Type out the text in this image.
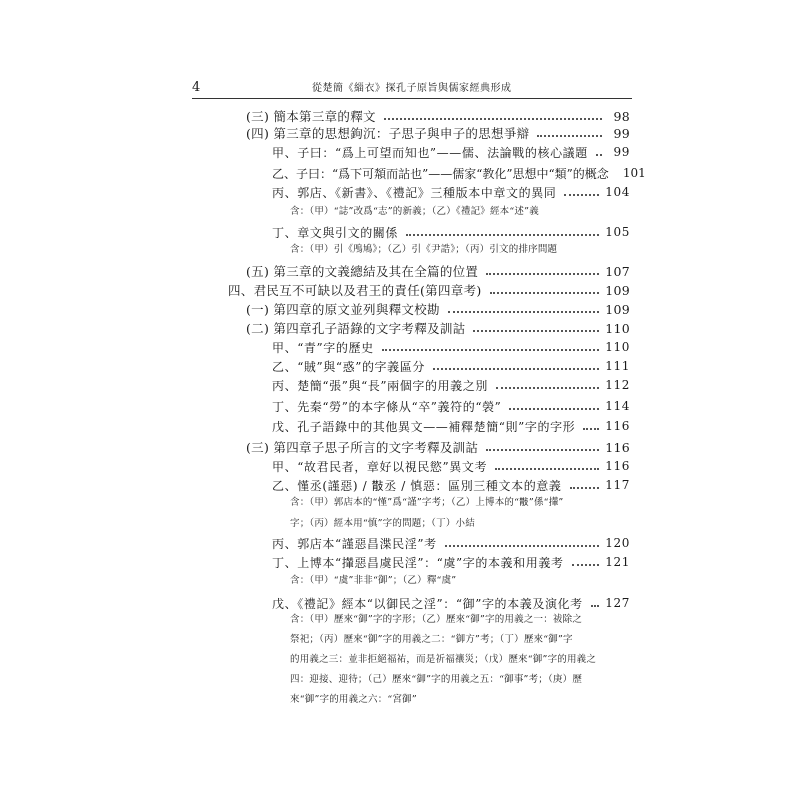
4	從楚簡《緇衣》探孔子原旨與儒家經典形成
(三) 簡本第三章的釋文	98
(四) 第三章的思想鉤沉：子思子與申子的思想爭辯	99
甲、子曰：“爲上可望而知也”——儒、法論戰的核心議題	99
乙、子曰：“爲下可頮而詀也”——儒家“教化”思想中“類”的概念 101
丙、郭店、《新書》、《禮記》三種版本中章文的異同	104
含：（甲）“誌”改爲“志”的新義；（乙）《禮記》經本“述”義
丁、章文與引文的關係	105
含：（甲）引《鳲鳩》；（乙）引《尹誥》；（丙）引文的排序問題
(五) 第三章的文義總結及其在全篇的位置	107
四、君民互不可缺以及君王的責任(第四章考)	109
(一) 第四章的原文並列與釋文校勘	109
(二) 第四章孔子語錄的文字考釋及訓詁	110
甲、“青”字的歷史	110
乙、“賊”與“惑”的字義區分	111
丙、楚簡“張”與“長”兩個字的用義之別	112
丁、先秦“勞”的本字條从“卒”義符的“褮”	114
戊、孔子語錄中的其他異文——補釋楚簡“則”字的字形	116
(三) 第四章子思子所言的文字考釋及訓詁	116
甲、“故君民者，章好以視民慾”異文考	116
乙、慬丞(謹惡) / 𢿨丞 / 慎惡：區別三種文本的意義	117
含：（甲）郭店本的“慬”爲“謹”字考；（乙）上博本的“𢿨”係“攆”
字；（丙）經本用“慎”字的問題；（丁）小結
丙、郭店本“謹惡昌渫民淫”考	120
丁、上博本“攆惡昌虞民淫”：“虞”字的本義和用義考	121
含：（甲）“虞”非非“御”；（乙）釋“虞”
戊、《禮記》經本“以御民之淫”：“御”字的本義及演化考 127
含：（甲）歷來“御”字的字形；（乙）歷來“御”字的用義之一：祓除之
祭祀；（丙）歷來“御”字的用義之二：“御方”考；（丁）歷來“御”字
的用義之三：並非拒絕福祐，而是祈福禳災；（戊）歷來“御”字的用義之
四：迎接、迎待；（己）歷來“御”字的用義之五：“御事”考；（庚）歷
來“御”字的用義之六：“宮御”
